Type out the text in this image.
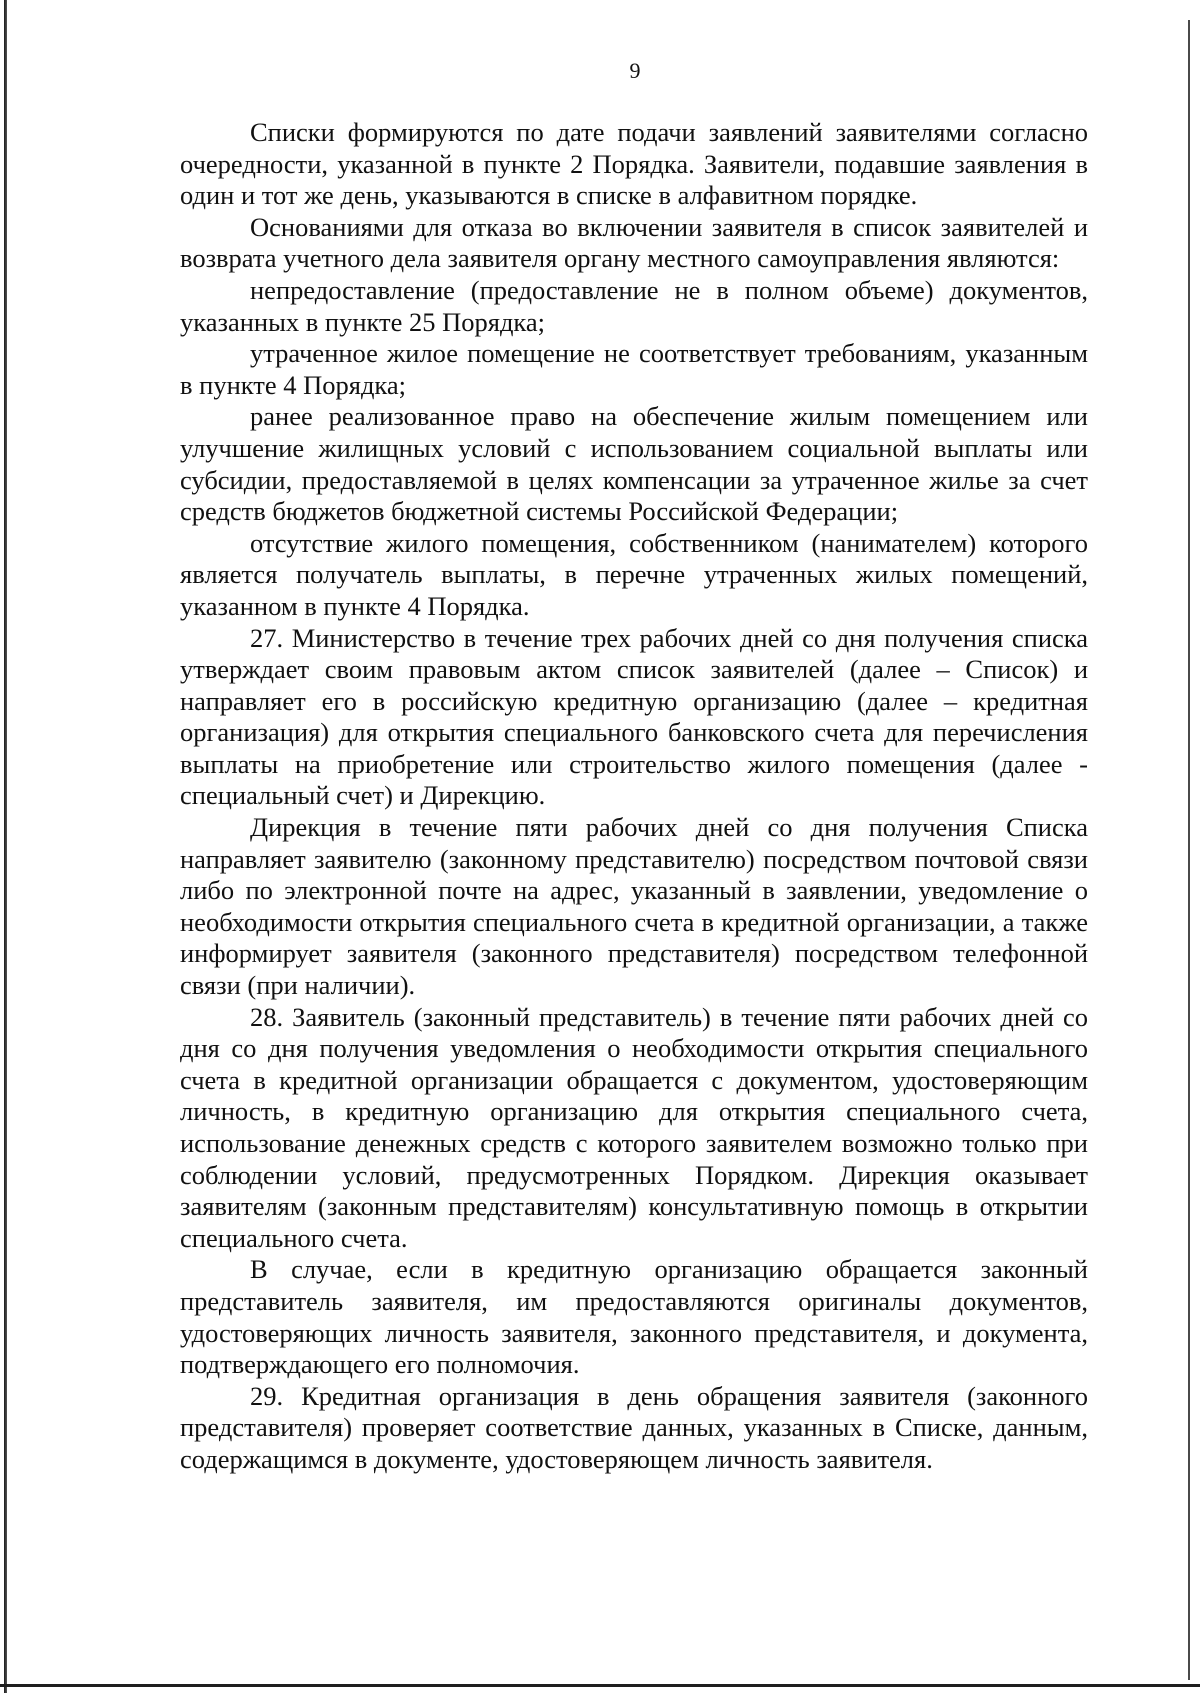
9

Списки формируются по дате подачи заявлений заявителями согласно очередности, указанной в пункте 2 Порядка. Заявители, подавшие заявления в один и тот же день, указываются в списке в алфавитном порядке.

Основаниями для отказа во включении заявителя в список заявителей и возврата учетного дела заявителя органу местного самоуправления являются:

непредоставление (предоставление не в полном объеме) документов, указанных в пункте 25 Порядка;

утраченное жилое помещение не соответствует требованиям, указанным в пункте 4 Порядка;

ранее реализованное право на обеспечение жилым помещением или улучшение жилищных условий с использованием социальной выплаты или субсидии, предоставляемой в целях компенсации за утраченное жилье за счет средств бюджетов бюджетной системы Российской Федерации;

отсутствие жилого помещения, собственником (нанимателем) которого является получатель выплаты, в перечне утраченных жилых помещений, указанном в пункте 4 Порядка.

27. Министерство в течение трех рабочих дней со дня получения списка утверждает своим правовым актом список заявителей (далее – Список) и направляет его в российскую кредитную организацию (далее – кредитная организация) для открытия специального банковского счета для перечисления выплаты на приобретение или строительство жилого помещения (далее - специальный счет) и Дирекцию.

Дирекция в течение пяти рабочих дней со дня получения Списка направляет заявителю (законному представителю) посредством почтовой связи либо по электронной почте на адрес, указанный в заявлении, уведомление о необходимости открытия специального счета в кредитной организации, а также информирует заявителя (законного представителя) посредством телефонной связи (при наличии).

28. Заявитель (законный представитель) в течение пяти рабочих дней со дня со дня получения уведомления о необходимости открытия специального счета в кредитной организации обращается с документом, удостоверяющим личность, в кредитную организацию для открытия специального счета, использование денежных средств с которого заявителем возможно только при соблюдении условий, предусмотренных Порядком. Дирекция оказывает заявителям (законным представителям) консультативную помощь в открытии специального счета.

В случае, если в кредитную организацию обращается законный представитель заявителя, им предоставляются оригиналы документов, удостоверяющих личность заявителя, законного представителя, и документа, подтверждающего его полномочия.

29. Кредитная организация в день обращения заявителя (законного представителя) проверяет соответствие данных, указанных в Списке, данным, содержащимся в документе, удостоверяющем личность заявителя.
